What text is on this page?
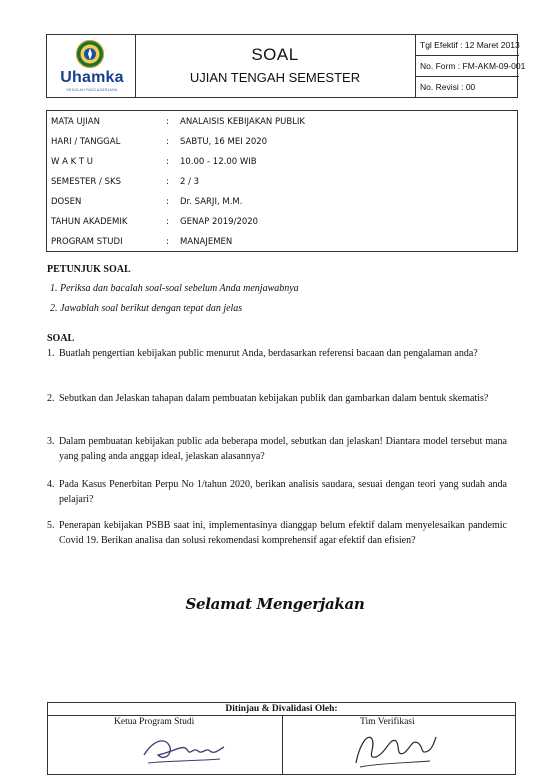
Uhamka
SEKOLAH PASCASARJANA
SOAL
UJIAN TENGAH SEMESTER
Tgl Efektif : 12 Maret 2013
No. Form : FM-AKM-09-001
No. Revisi : 00
MATA UJIAN	: ANALAISIS KEBIJAKAN PUBLIK
HARI / TANGGAL	: SABTU, 16 MEI 2020
W A K T U	: 10.00 - 12.00 WIB
SEMESTER / SKS	: 2 / 3
DOSEN	: Dr. SARJI, M.M.
TAHUN AKADEMIK	: GENAP 2019/2020
PROGRAM STUDI	: MANAJEMEN
PETUNJUK SOAL
1. Periksa dan bacalah soal-soal sebelum Anda menjawabnya
2. Jawablah soal berikut dengan tepat dan jelas
SOAL
1. Buatlah pengertian kebijakan public menurut Anda, berdasarkan referensi bacaan dan pengalaman anda?
2. Sebutkan dan Jelaskan tahapan dalam pembuatan kebijakan publik dan gambarkan dalam bentuk skematis?
3. Dalam pembuatan kebijakan public ada beberapa model, sebutkan dan jelaskan! Diantara model tersebut mana yang paling anda anggap ideal, jelaskan alasannya?
4. Pada Kasus Penerbitan Perpu No 1/tahun 2020, berikan analisis saudara, sesuai dengan teori yang sudah anda pelajari?
5. Penerapan kebijakan PSBB saat ini, implementasinya dianggap belum efektif dalam menyelesaikan pandemic Covid 19. Berikan analisa dan solusi rekomendasi komprehensif agar efektif dan efisien?
Selamat Mengerjakan
Ditinjau & Divalidasi Oleh:
Ketua Program Studi	Tim Verifikasi
